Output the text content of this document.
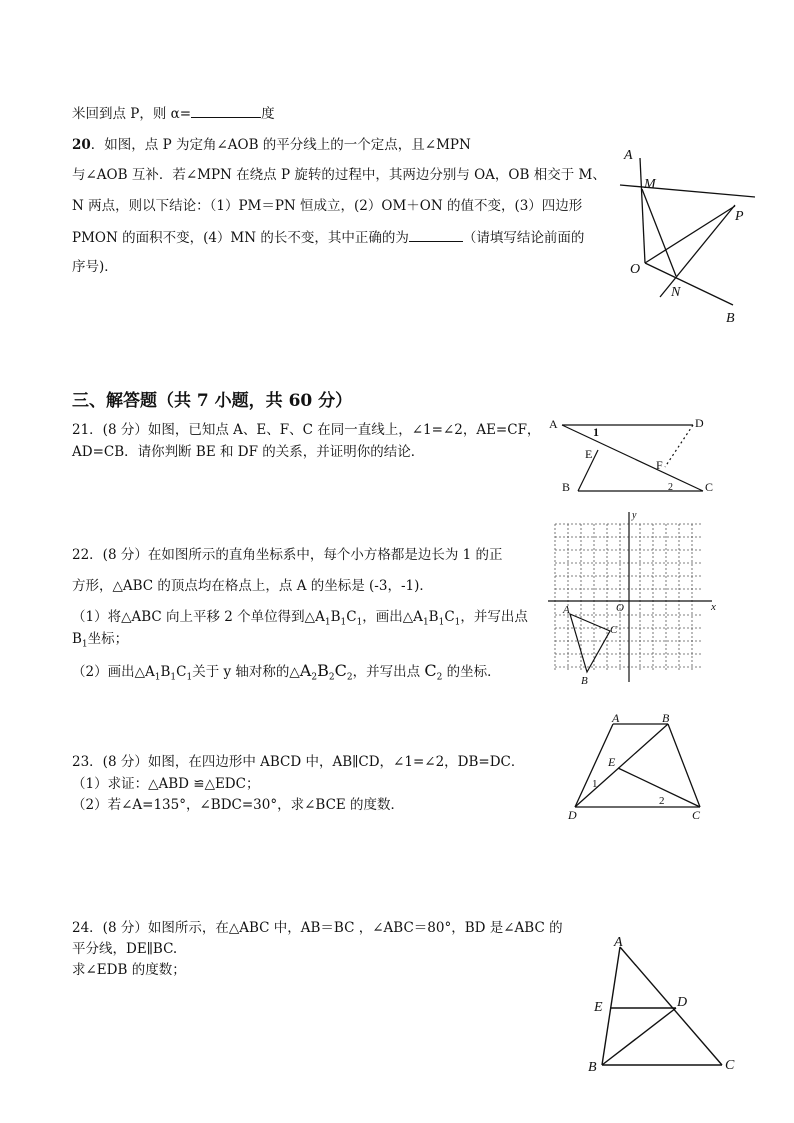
米回到点 P，则 α=	度
20．如图，点 P 为定角∠AOB 的平分线上的一个定点，且∠MPN
与∠AOB 互补．若∠MPN 在绕点 P 旋转的过程中，其两边分别与 OA，OB 相交于 M、
N 两点，则以下结论：（1）PM＝PN 恒成立，(2）OM＋ON 的值不变，(3）四边形
PMON 的面积不变，(4）MN 的长不变，其中正确的为	（请填写结论前面的
序号)．
A
M
P
O
N
B
三、解答题（共 7 小题，共 60 分）
21．(8 分）如图，已知点 A、E、F、C 在同一直线上，∠1=∠2，AE=CF，
AD=CB．请你判断 BE 和 DF 的关系，并证明你的结论．
A	D
E
F
B	C
1
2
22．(8 分）在如图所示的直角坐标系中，每个小方格都是边长为 1 的正
方形，△ABC 的顶点均在格点上，点 A 的坐标是 (-3，-1)．
（1）将△ABC 向上平移 2 个单位得到$\triangle A_1B_1C_1$，画出$\triangle A_1B_1C_1$，并写出点
$B_1$坐标；
（2）画出$\triangle A_1B_1C_1$关于 y 轴对称的$\triangle A_2B_2C_2$，并写出点 $C_2$ 的坐标．
x
y
O
A
C
B
23．(8 分）如图，在四边形中 ABCD 中，AB∥CD，∠1=∠2，DB=DC．
（1）求证：△ABD ≌△EDC；
（2）若∠A=135°，∠BDC=30°，求∠BCE 的度数．
A	B
E
D	C
1
2
24．(8 分）如图所示，在△ABC 中，AB＝BC ，∠ABC＝80°，BD 是∠ABC 的
平分线，DE∥BC.
求∠EDB 的度数；
A
E	D
B	C
